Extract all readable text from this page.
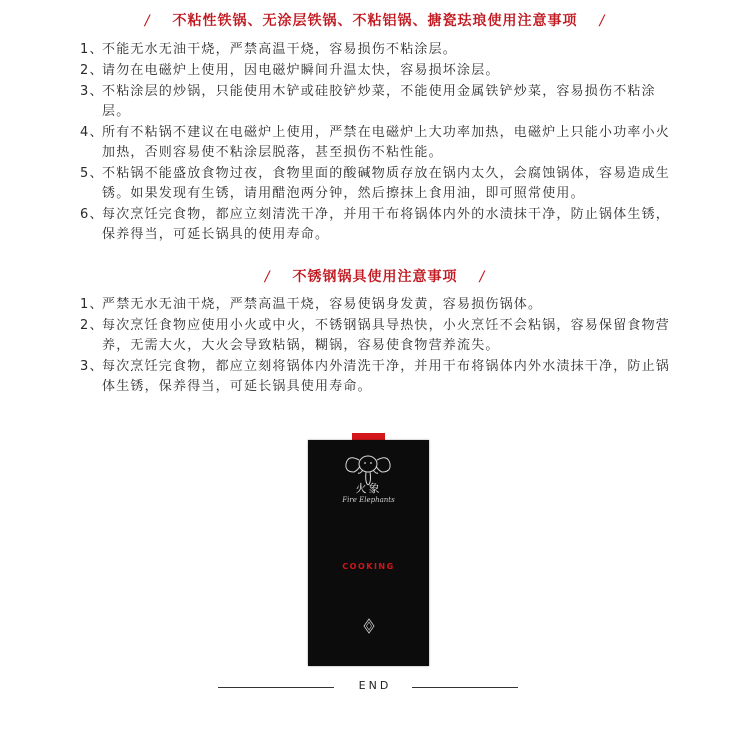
/ 不粘性铁锅、无涂层铁锅、不粘铝锅、搪瓷珐琅使用注意事项 /
1、
不能无水无油干烧，严禁高温干烧，容易损伤不粘涂层。
2、
请勿在电磁炉上使用，因电磁炉瞬间升温太快，容易损坏涂层。
3、
不粘涂层的炒锅，只能使用木铲或硅胶铲炒菜，不能使用金属铁铲炒菜，容易损伤不粘涂层。
4、
所有不粘锅不建议在电磁炉上使用，严禁在电磁炉上大功率加热，电磁炉上只能小功率小火加热，否则容易使不粘涂层脱落，甚至损伤不粘性能。
5、
不粘锅不能盛放食物过夜，食物里面的酸碱物质存放在锅内太久，会腐蚀锅体，容易造成生锈。如果发现有生锈，请用醋泡两分钟，然后擦抹上食用油，即可照常使用。
6、
每次烹饪完食物，都应立刻清洗干净，并用干布将锅体内外的水渍抹干净，防止锅体生锈，保养得当，可延长锅具的使用寿命。
/ 不锈钢锅具使用注意事项 /
1、
严禁无水无油干烧，严禁高温干烧，容易使锅身发黄，容易损伤锅体。
2、
每次烹饪食物应使用小火或中火，不锈钢锅具导热快，小火烹饪不会粘锅，容易保留食物营养，无需大火，大火会导致粘锅，糊锅，容易使食物营养流失。
3、
每次烹饪完食物，都应立刻将锅体内外清洗干净，并用干布将锅体内外水渍抹干净，防止锅体生锈，保养得当，可延长锅具使用寿命。
火象
Fire Elephants
COOKING
END
